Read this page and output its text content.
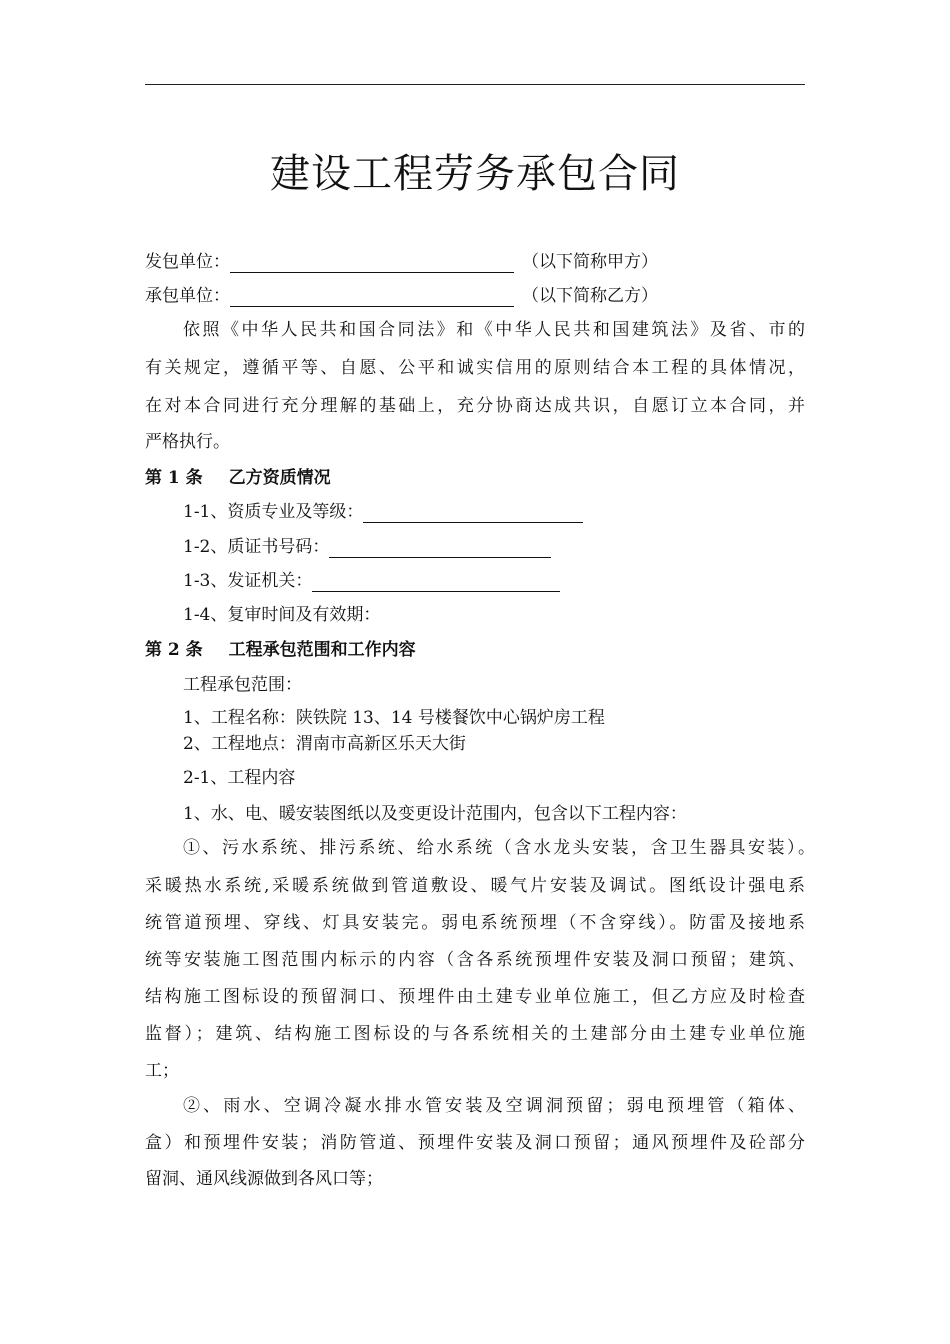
建设工程劳务承包合同
发包单位：	（以下简称甲方）
承包单位：	（以下简称乙方）
依照《中华人民共和国合同法》和《中华人民共和国建筑法》及省、市的
有关规定，遵循平等、自愿、公平和诚实信用的原则结合本工程的具体情况，
在对本合同进行充分理解的基础上，充分协商达成共识，自愿订立本合同，并
严格执行。
第 1 条 乙方资质情况
1-1、资质专业及等级：
1-2、质证书号码：
1-3、发证机关：
1-4、复审时间及有效期：
第 2 条 工程承包范围和工作内容
工程承包范围：
1、工程名称：陕铁院 13、14 号楼餐饮中心锅炉房工程
2、工程地点：渭南市高新区乐天大街
2-1、工程内容
1、水、电、暖安装图纸以及变更设计范围内，包含以下工程内容：
①、污水系统、排污系统、给水系统（含水龙头安装，含卫生器具安装）。
采暖热水系统,采暖系统做到管道敷设、暖气片安装及调试。图纸设计强电系
统管道预埋、穿线、灯具安装完。弱电系统预埋（不含穿线）。防雷及接地系
统等安装施工图范围内标示的内容（含各系统预埋件安装及洞口预留；建筑、
结构施工图标设的预留洞口、预埋件由土建专业单位施工，但乙方应及时检查
监督）；建筑、结构施工图标设的与各系统相关的土建部分由土建专业单位施
工；
②、雨水、空调冷凝水排水管安装及空调洞预留；弱电预埋管（箱体、
盒）和预埋件安装；消防管道、预埋件安装及洞口预留；通风预埋件及砼部分
留洞、通风线源做到各风口等；
